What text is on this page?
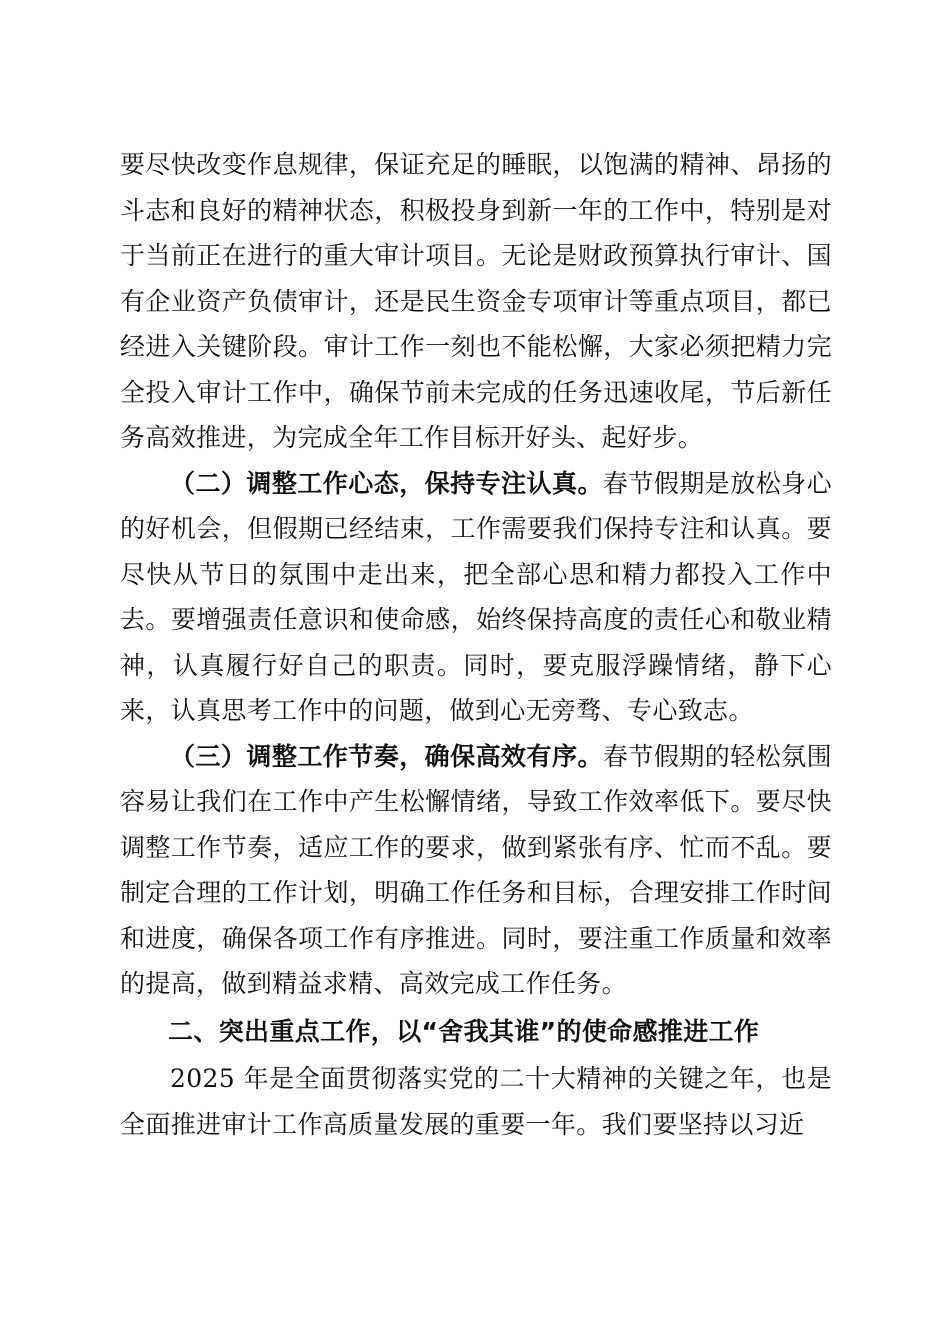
要尽快改变作息规律，保证充足的睡眠，以饱满的精神、昂扬的斗志和良好的精神状态，积极投身到新一年的工作中，特别是对于当前正在进行的重大审计项目。无论是财政预算执行审计、国有企业资产负债审计，还是民生资金专项审计等重点项目，都已经进入关键阶段。审计工作一刻也不能松懈，大家必须把精力完全投入审计工作中，确保节前未完成的任务迅速收尾，节后新任务高效推进，为完成全年工作目标开好头、起好步。

（二）调整工作心态，保持专注认真。春节假期是放松身心的好机会，但假期已经结束，工作需要我们保持专注和认真。要尽快从节日的氛围中走出来，把全部心思和精力都投入工作中去。要增强责任意识和使命感，始终保持高度的责任心和敬业精神，认真履行好自己的职责。同时，要克服浮躁情绪，静下心来，认真思考工作中的问题，做到心无旁骛、专心致志。

（三）调整工作节奏，确保高效有序。春节假期的轻松氛围容易让我们在工作中产生松懈情绪，导致工作效率低下。要尽快调整工作节奏，适应工作的要求，做到紧张有序、忙而不乱。要制定合理的工作计划，明确工作任务和目标，合理安排工作时间和进度，确保各项工作有序推进。同时，要注重工作质量和效率的提高，做到精益求精、高效完成工作任务。

二、突出重点工作，以“舍我其谁”的使命感推进工作

2025 年是全面贯彻落实党的二十大精神的关键之年，也是全面推进审计工作高质量发展的重要一年。我们要坚持以习近
